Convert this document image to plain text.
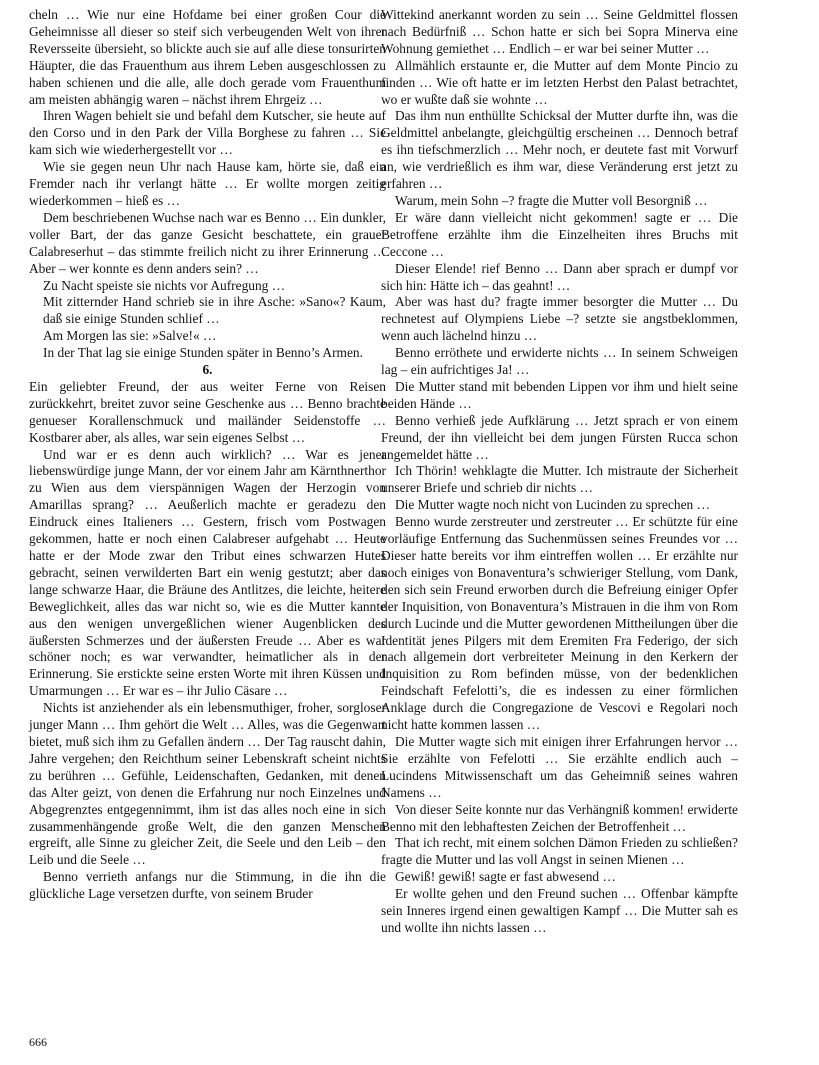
cheln … Wie nur eine Hofdame bei einer großen Cour die Geheimnisse all dieser so steif sich verbeugenden Welt von ihrer Reversseite übersieht, so blickte auch sie auf alle diese tonsurirten Häupter, die das Frauenthum aus ihrem Leben ausgeschlossen zu haben schienen und die alle, alle doch gerade vom Frauenthum am meisten abhängig waren – nächst ihrem Ehrgeiz …

Ihren Wagen behielt sie und befahl dem Kutscher, sie heute auf den Corso und in den Park der Villa Borghese zu fahren … Sie kam sich wie wiederhergestellt vor …

Wie sie gegen neun Uhr nach Hause kam, hörte sie, daß ein Fremder nach ihr verlangt hätte … Er wollte morgen zeitig wiederkommen – hieß es …

Dem beschriebenen Wuchse nach war es Benno … Ein dunkler, voller Bart, der das ganze Gesicht beschattete, ein grauer Calabreserhut – das stimmte freilich nicht zu ihrer Erinnerung … Aber – wer konnte es denn anders sein? …

Zu Nacht speiste sie nichts vor Aufregung …

Mit zitternder Hand schrieb sie in ihre Asche: »Sano«? Kaum, daß sie einige Stunden schlief …

Am Morgen las sie: »Salve!« …

In der That lag sie einige Stunden später in Benno’s Armen.

6.

Ein geliebter Freund, der aus weiter Ferne von Reisen zurückkehrt, breitet zuvor seine Geschenke aus … Benno brachte genueser Korallenschmuck und mailänder Seidenstoffe … Kostbarer aber, als alles, war sein eigenes Selbst …

Und war er es denn auch wirklich? … War es jener liebenswürdige junge Mann, der vor einem Jahr am Kärnthnerthor zu Wien aus dem vierspännigen Wagen der Herzogin von Amarillas sprang? … Aeußerlich machte er geradezu den Eindruck eines Italieners … Gestern, frisch vom Postwagen gekommen, hatte er noch einen Calabreser aufgehabt … Heute hatte er der Mode zwar den Tribut eines schwarzen Hutes gebracht, seinen verwilderten Bart ein wenig gestutzt; aber das lange schwarze Haar, die Bräune des Antlitzes, die leichte, heitere Beweglichkeit, alles das war nicht so, wie es die Mutter kannte aus den wenigen unvergeßlichen wiener Augenblicken des äußersten Schmerzes und der äußersten Freude … Aber es war schöner noch; es war verwandter, heimatlicher als in der Erinnerung. Sie erstickte seine ersten Worte mit ihren Küssen und Umarmungen … Er war es – ihr Julio Cäsare …

Nichts ist anziehender als ein lebensmuthiger, froher, sorgloser junger Mann … Ihm gehört die Welt … Alles, was die Gegenwart bietet, muß sich ihm zu Gefallen ändern … Der Tag rauscht dahin, Jahre vergehen; den Reichthum seiner Lebenskraft scheint nichts zu berühren … Gefühle, Leidenschaften, Gedanken, mit denen das Alter geizt, von denen die Erfahrung nur noch Einzelnes und Abgegrenztes entgegennimmt, ihm ist das alles noch eine in sich zusammenhängende große Welt, die den ganzen Menschen ergreift, alle Sinne zu gleicher Zeit, die Seele und den Leib – den Leib und die Seele …

Benno verrieth anfangs nur die Stimmung, in die ihn die glückliche Lage versetzen durfte, von seinem Bruder

Wittekind anerkannt worden zu sein … Seine Geldmittel flossen nach Bedürfniß … Schon hatte er sich bei Sopra Minerva eine Wohnung gemiethet … Endlich – er war bei seiner Mutter …

Allmählich erstaunte er, die Mutter auf dem Monte Pincio zu finden … Wie oft hatte er im letzten Herbst den Palast betrachtet, wo er wußte daß sie wohnte …

Das ihm nun enthüllte Schicksal der Mutter durfte ihn, was die Geldmittel anbelangte, gleichgültig erscheinen … Dennoch betraf es ihn tiefschmerzlich … Mehr noch, er deutete fast mit Vorwurf an, wie verdrießlich es ihm war, diese Veränderung erst jetzt zu erfahren …

Warum, mein Sohn –? fragte die Mutter voll Besorgniß …

Er wäre dann vielleicht nicht gekommen! sagte er … Die Betroffene erzählte ihm die Einzelheiten ihres Bruchs mit Ceccone …

Dieser Elende! rief Benno … Dann aber sprach er dumpf vor sich hin: Hätte ich – das geahnt! …

Aber was hast du? fragte immer besorgter die Mutter … Du rechnetest auf Olympiens Liebe –? setzte sie angstbeklommen, wenn auch lächelnd hinzu …

Benno erröthete und erwiderte nichts … In seinem Schweigen lag – ein aufrichtiges Ja! …

Die Mutter stand mit bebenden Lippen vor ihm und hielt seine beiden Hände …

Benno verhieß jede Aufklärung … Jetzt sprach er von einem Freund, der ihn vielleicht bei dem jungen Fürsten Rucca schon angemeldet hätte …

Ich Thörin! wehklagte die Mutter. Ich mistraute der Sicherheit unserer Briefe und schrieb dir nichts …

Die Mutter wagte noch nicht von Lucinden zu sprechen …

Benno wurde zerstreuter und zerstreuter … Er schützte für eine vorläufige Entfernung das Suchenmüssen seines Freundes vor … Dieser hatte bereits vor ihm eintreffen wollen … Er erzählte nur noch einiges von Bonaventura’s schwieriger Stellung, vom Dank, den sich sein Freund erworben durch die Befreiung einiger Opfer der Inquisition, von Bonaventura’s Mistrauen in die ihm von Rom durch Lucinde und die Mutter gewordenen Mittheilungen über die Identität jenes Pilgers mit dem Eremiten Fra Federigo, der sich nach allgemein dort verbreiteter Meinung in den Kerkern der Inquisition zu Rom befinden müsse, von der bedenklichen Feindschaft Fefelotti’s, die es indessen zu einer förmlichen Anklage durch die Congregazione de Vescovi e Regolari noch nicht hatte kommen lassen …

Die Mutter wagte sich mit einigen ihrer Erfahrungen hervor … Sie erzählte von Fefelotti … Sie erzählte endlich auch – Lucindens Mitwissenschaft um das Geheimniß seines wahren Namens …

Von dieser Seite konnte nur das Verhängniß kommen! erwiderte Benno mit den lebhaftesten Zeichen der Betroffenheit …

That ich recht, mit einem solchen Dämon Frieden zu schließen? fragte die Mutter und las voll Angst in seinen Mienen …

Gewiß! gewiß! sagte er fast abwesend …

Er wollte gehen und den Freund suchen … Offenbar kämpfte sein Inneres irgend einen gewaltigen Kampf … Die Mutter sah es und wollte ihn nichts lassen …

666
